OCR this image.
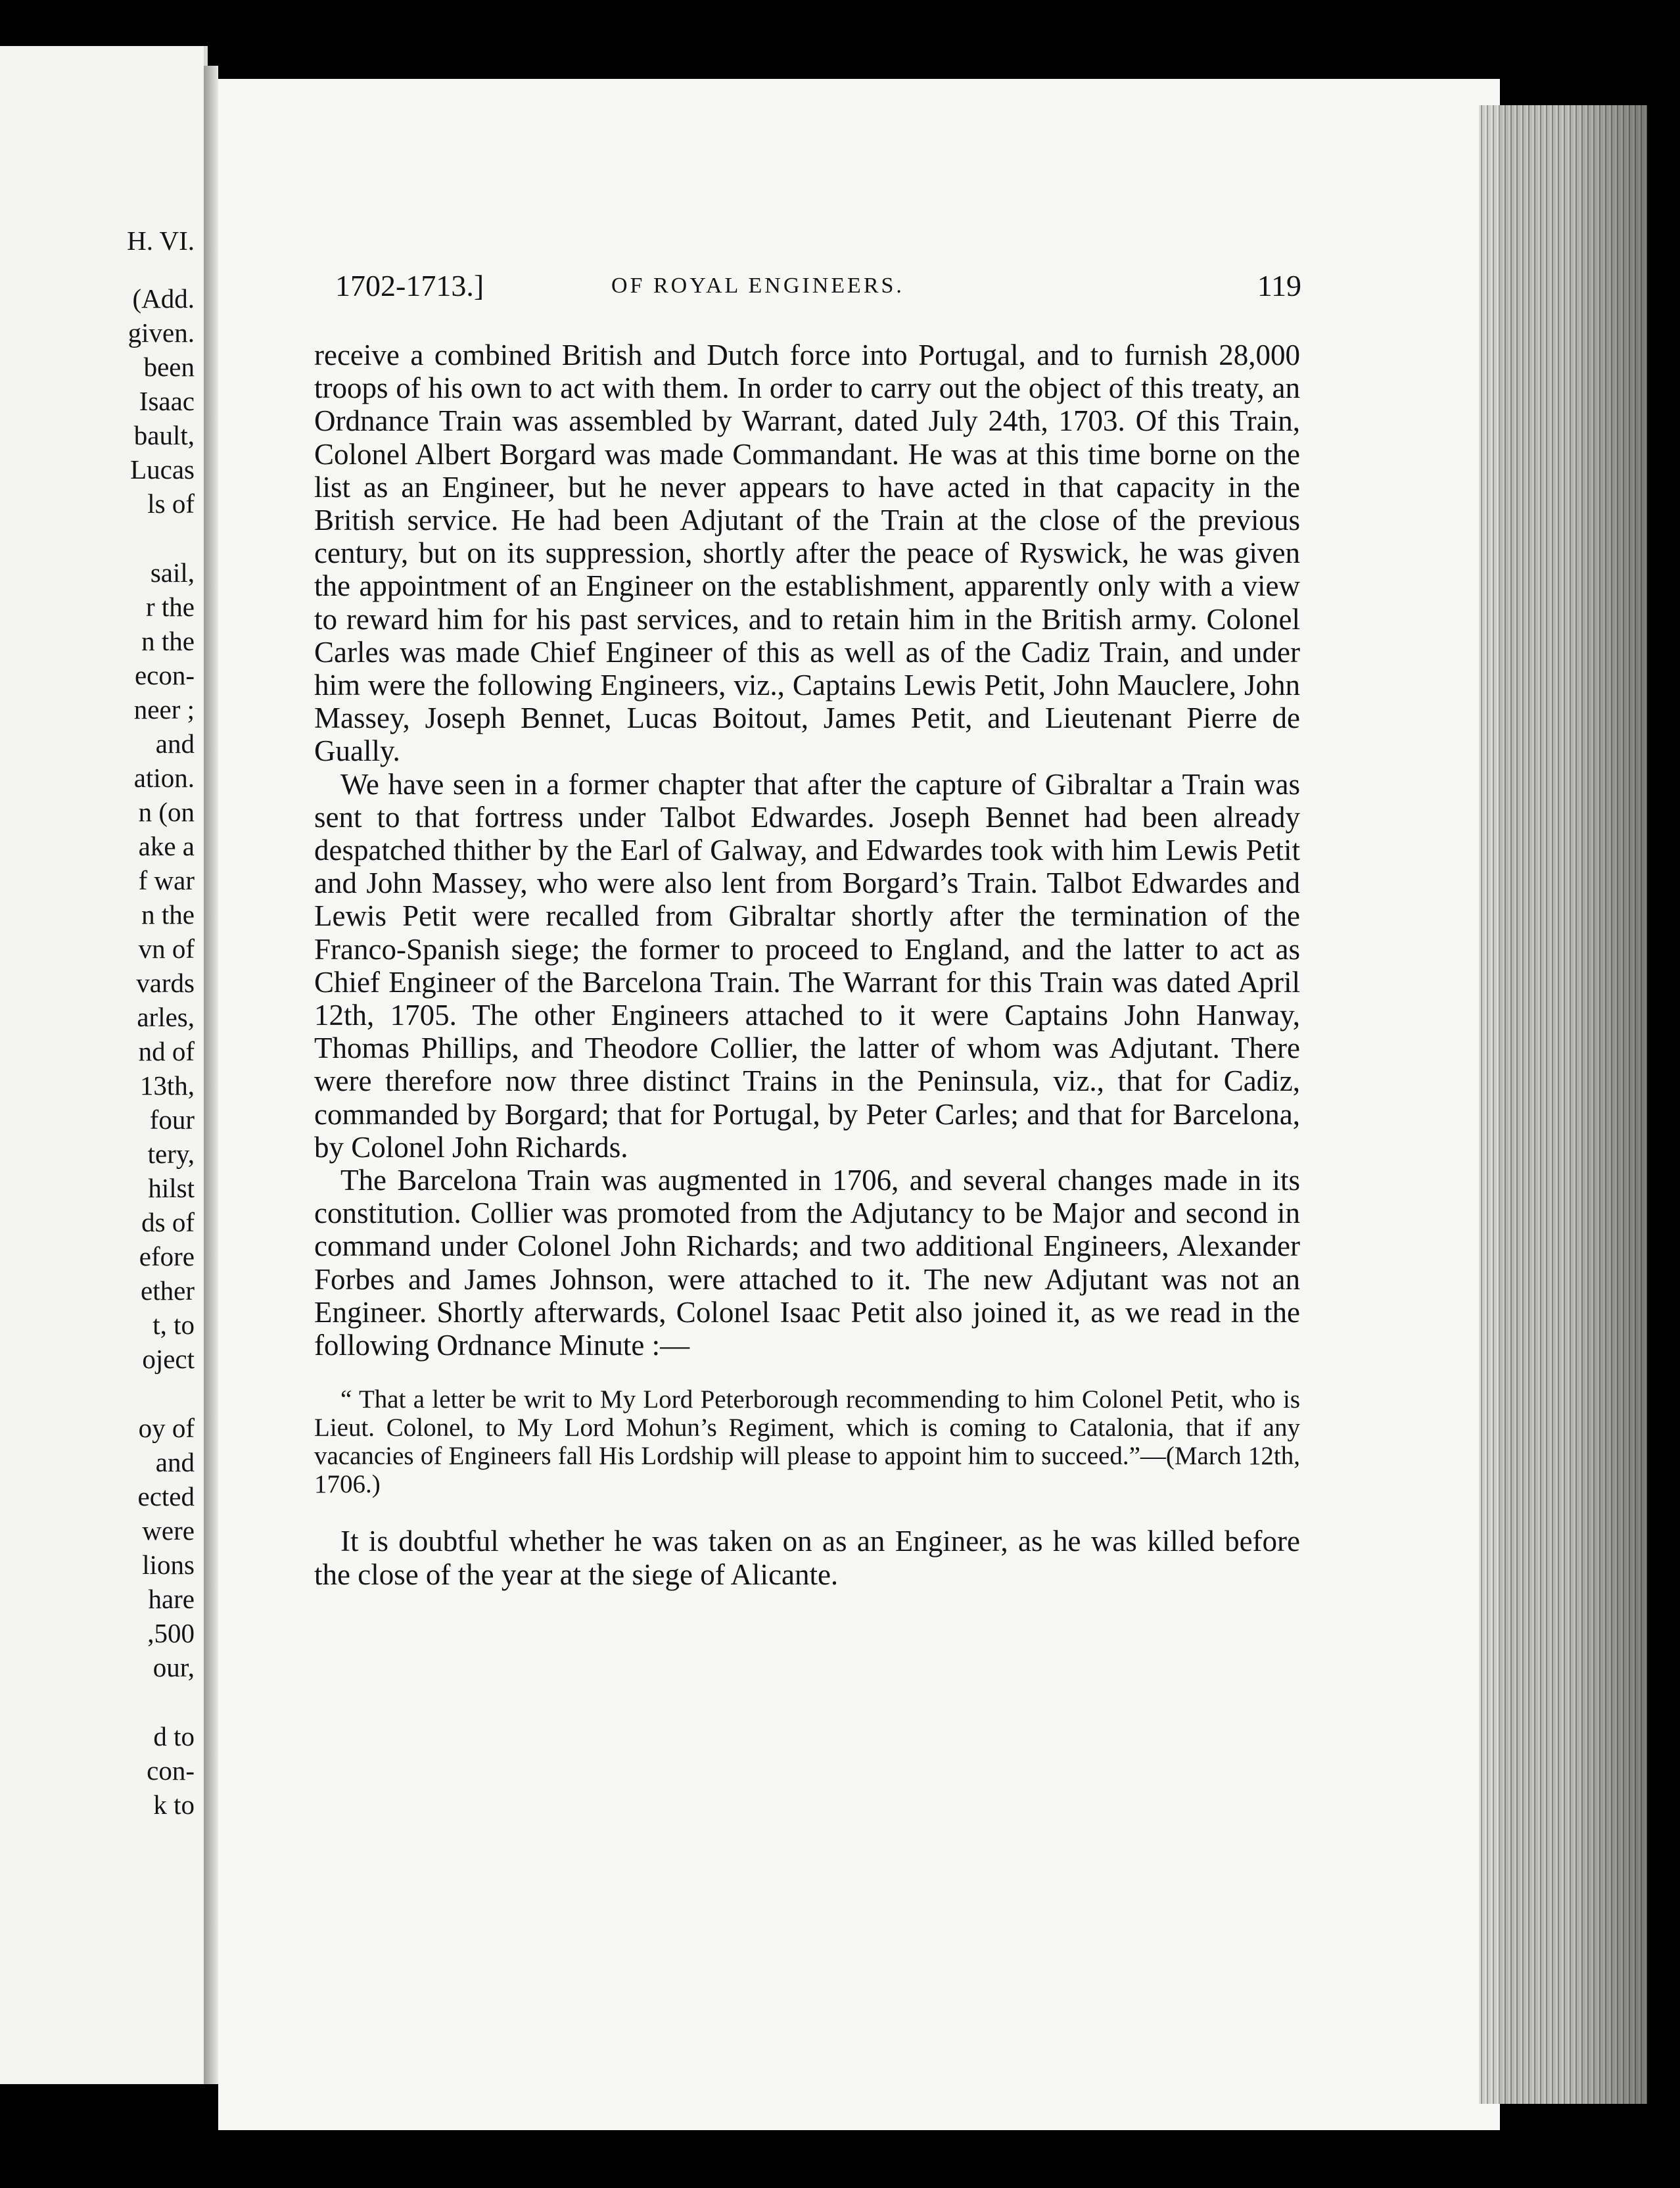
H. VI.
(Add.
given.
been
Isaac
bault,
Lucas
ls of
sail,
r the
n the
econ-
neer ;
and
ation.
n (on
ake a
f war
n the
vn of
vards
arles,
nd of
13th,
four
tery,
hilst
ds of
efore
ether
t, to
oject
oy of
and
ected
were
lions
hare
,500
our,
d to
con-
k to
1702-1713.]	OF ROYAL ENGINEERS.	119

receive a combined British and Dutch force into Portugal, and to furnish 28,000 troops of his own to act with them. In order to carry out the object of this treaty, an Ordnance Train was assembled by Warrant, dated July 24th, 1703. Of this Train, Colonel Albert Borgard was made Commandant. He was at this time borne on the list as an Engineer, but he never appears to have acted in that capacity in the British service. He had been Adjutant of the Train at the close of the previous century, but on its suppression, shortly after the peace of Ryswick, he was given the appointment of an Engineer on the establishment, apparently only with a view to reward him for his past services, and to retain him in the British army. Colonel Carles was made Chief Engineer of this as well as of the Cadiz Train, and under him were the following Engineers, viz., Captains Lewis Petit, John Mauclere, John Massey, Joseph Bennet, Lucas Boitout, James Petit, and Lieutenant Pierre de Gually.

We have seen in a former chapter that after the capture of Gibraltar a Train was sent to that fortress under Talbot Edwardes. Joseph Bennet had been already despatched thither by the Earl of Galway, and Edwardes took with him Lewis Petit and John Massey, who were also lent from Borgard’s Train. Talbot Edwardes and Lewis Petit were recalled from Gibraltar shortly after the termination of the Franco-Spanish siege; the former to proceed to England, and the latter to act as Chief Engineer of the Barcelona Train. The Warrant for this Train was dated April 12th, 1705. The other Engineers attached to it were Captains John Hanway, Thomas Phillips, and Theodore Collier, the latter of whom was Adjutant. There were therefore now three distinct Trains in the Peninsula, viz., that for Cadiz, commanded by Borgard; that for Portugal, by Peter Carles; and that for Barcelona, by Colonel John Richards.

The Barcelona Train was augmented in 1706, and several changes made in its constitution. Collier was promoted from the Adjutancy to be Major and second in command under Colonel John Richards; and two additional Engineers, Alexander Forbes and James Johnson, were attached to it. The new Adjutant was not an Engineer. Shortly afterwards, Colonel Isaac Petit also joined it, as we read in the following Ordnance Minute :—

“ That a letter be writ to My Lord Peterborough recommending to him Colonel Petit, who is Lieut. Colonel, to My Lord Mohun’s Regiment, which is coming to Catalonia, that if any vacancies of Engineers fall His Lordship will please to appoint him to succeed.”—(March 12th, 1706.)

It is doubtful whether he was taken on as an Engineer, as he was killed before the close of the year at the siege of Alicante.
